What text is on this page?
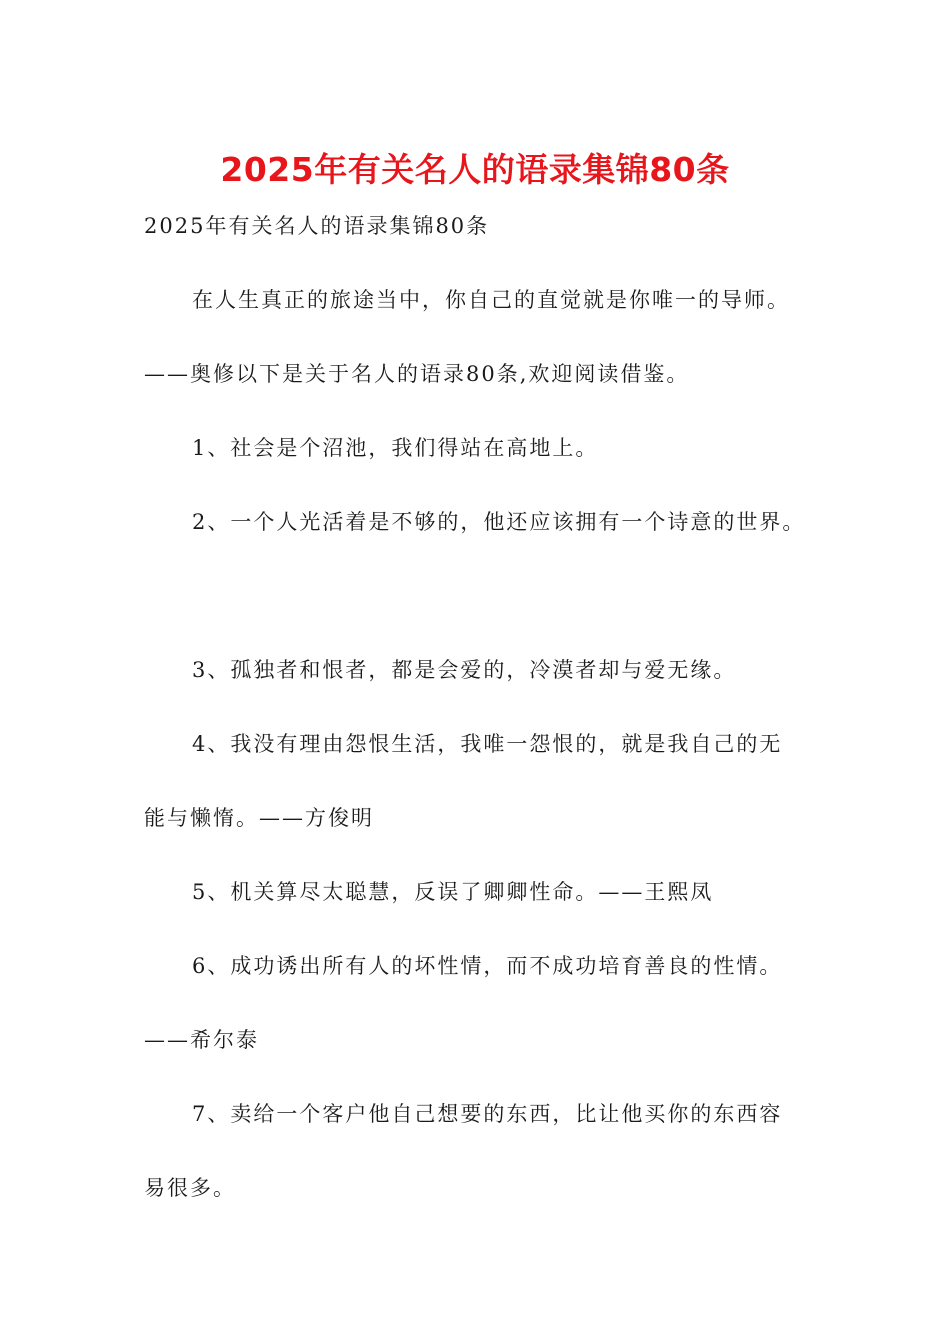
2025年有关名人的语录集锦80条
2025年有关名人的语录集锦80条
在人生真正的旅途当中，你自己的直觉就是你唯一的导师。
——奥修以下是关于名人的语录80条,欢迎阅读借鉴。
1、社会是个沼池，我们得站在高地上。
2、一个人光活着是不够的，他还应该拥有一个诗意的世界。
3、孤独者和恨者，都是会爱的，冷漠者却与爱无缘。
4、我没有理由怨恨生活，我唯一怨恨的，就是我自己的无
能与懒惰。——方俊明
5、机关算尽太聪慧，反误了卿卿性命。——王熙凤
6、成功诱出所有人的坏性情，而不成功培育善良的性情。
——希尔泰
7、卖给一个客户他自己想要的东西，比让他买你的东西容
易很多。
